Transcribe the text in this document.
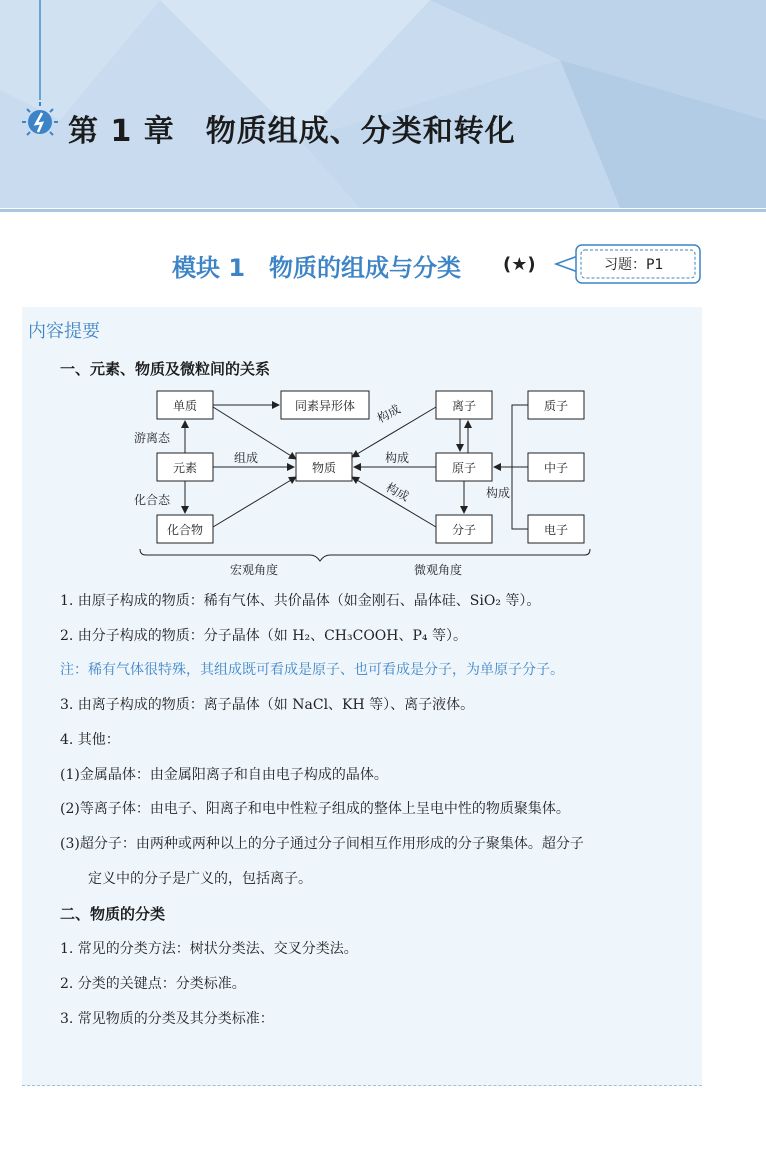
第 1 章　物质组成、分类和转化
模块 1　物质的组成与分类 (★)	习题：P1
内容提要
一、元素、物质及微粒间的关系
单质	同素异形体
元素	物质
化合物
离子
原子
分子
质子
中子
电子
游离态
化合态
组成
构成
构成
构成	构成
宏观角度	微观角度
1. 由原子构成的物质：稀有气体、共价晶体（如金刚石、晶体硅、SiO₂ 等）。
2. 由分子构成的物质：分子晶体（如 H₂、CH₃COOH、P₄ 等）。
注：稀有气体很特殊，其组成既可看成是原子、也可看成是分子，为单原子分子。
3. 由离子构成的物质：离子晶体（如 NaCl、KH 等）、离子液体。
4. 其他：
(1)金属晶体：由金属阳离子和自由电子构成的晶体。
(2)等离子体：由电子、阳离子和电中性粒子组成的整体上呈电中性的物质聚集体。
(3)超分子：由两种或两种以上的分子通过分子间相互作用形成的分子聚集体。超分子
定义中的分子是广义的，包括离子。
二、物质的分类
1. 常见的分类方法：树状分类法、交叉分类法。
2. 分类的关键点：分类标准。
3. 常见物质的分类及其分类标准：
